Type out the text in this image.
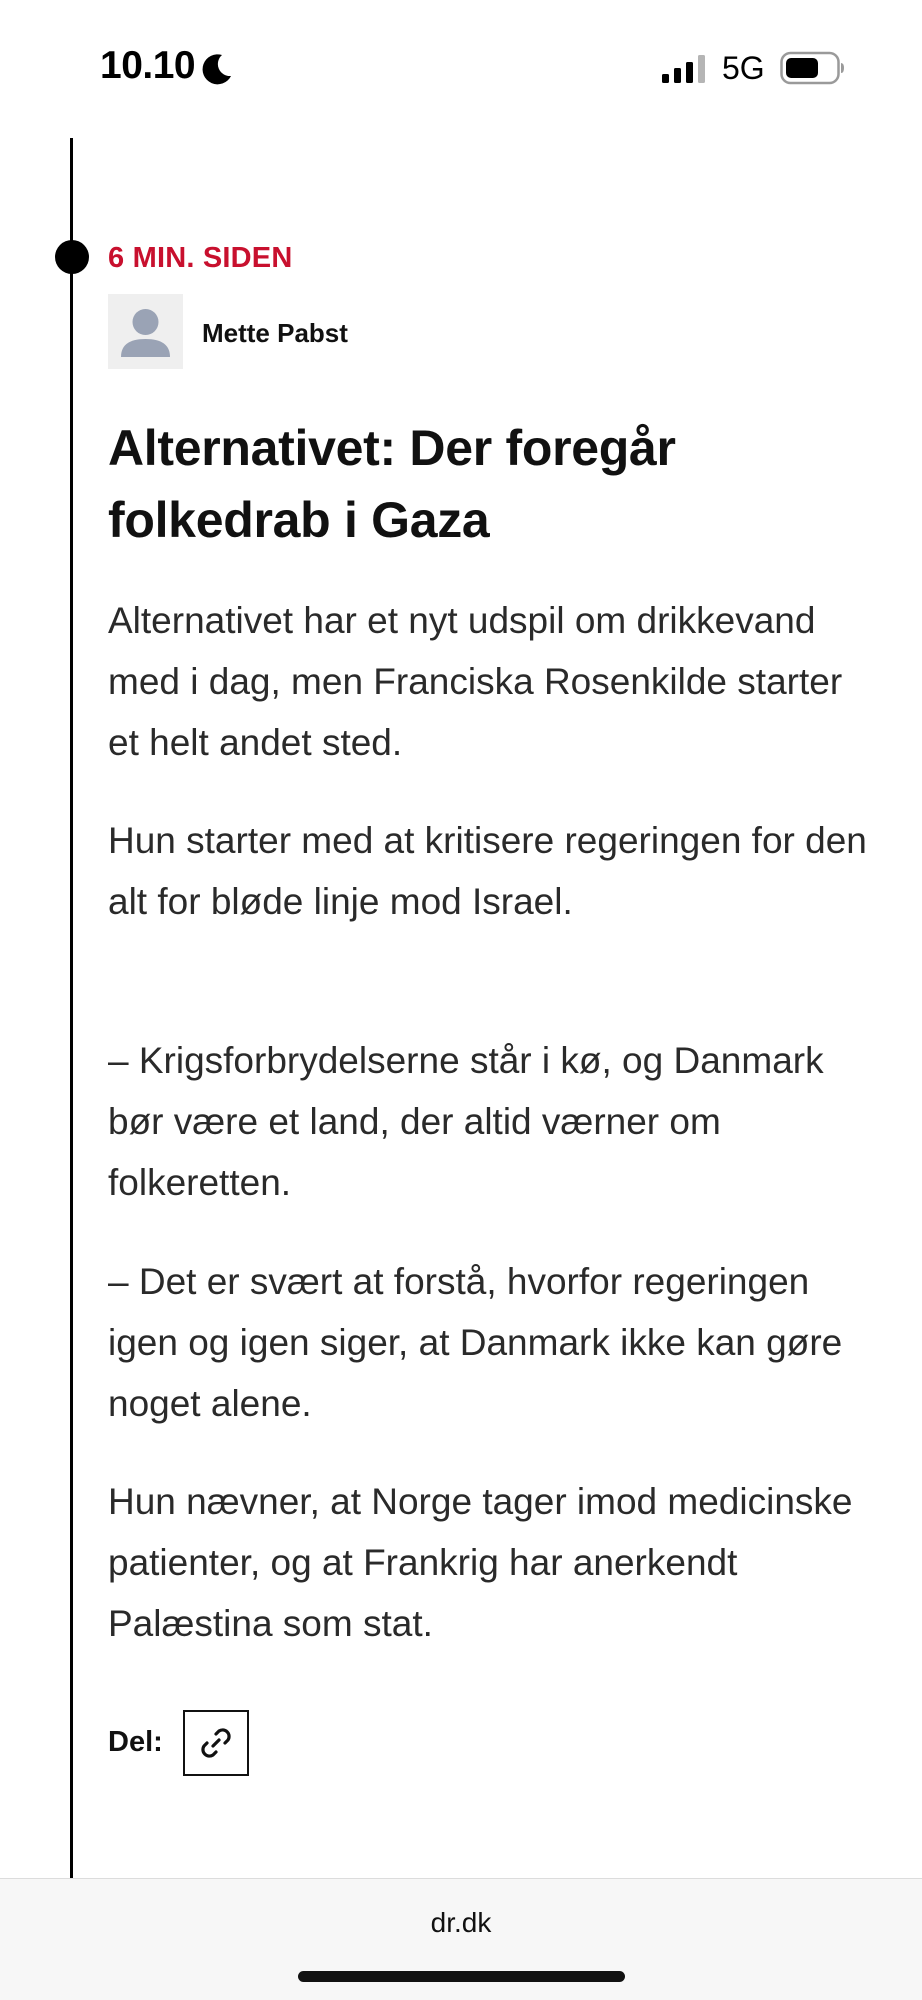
10.10	5G
6 MIN. SIDEN
Mette Pabst
Alternativet: Der foregår folkedrab i Gaza

Alternativet har et nyt udspil om drikkevand med i dag, men Franciska Rosenkilde starter et helt andet sted.

Hun starter med at kritisere regeringen for den alt for bløde linje mod Israel.

– Krigsforbrydelserne står i kø, og Danmark bør være et land, der altid værner om folkeretten.

– Det er svært at forstå, hvorfor regeringen igen og igen siger, at Danmark ikke kan gøre noget alene.

Hun nævner, at Norge tager imod medicinske patienter, og at Frankrig har anerkendt Palæstina som stat.

Del:
dr.dk
